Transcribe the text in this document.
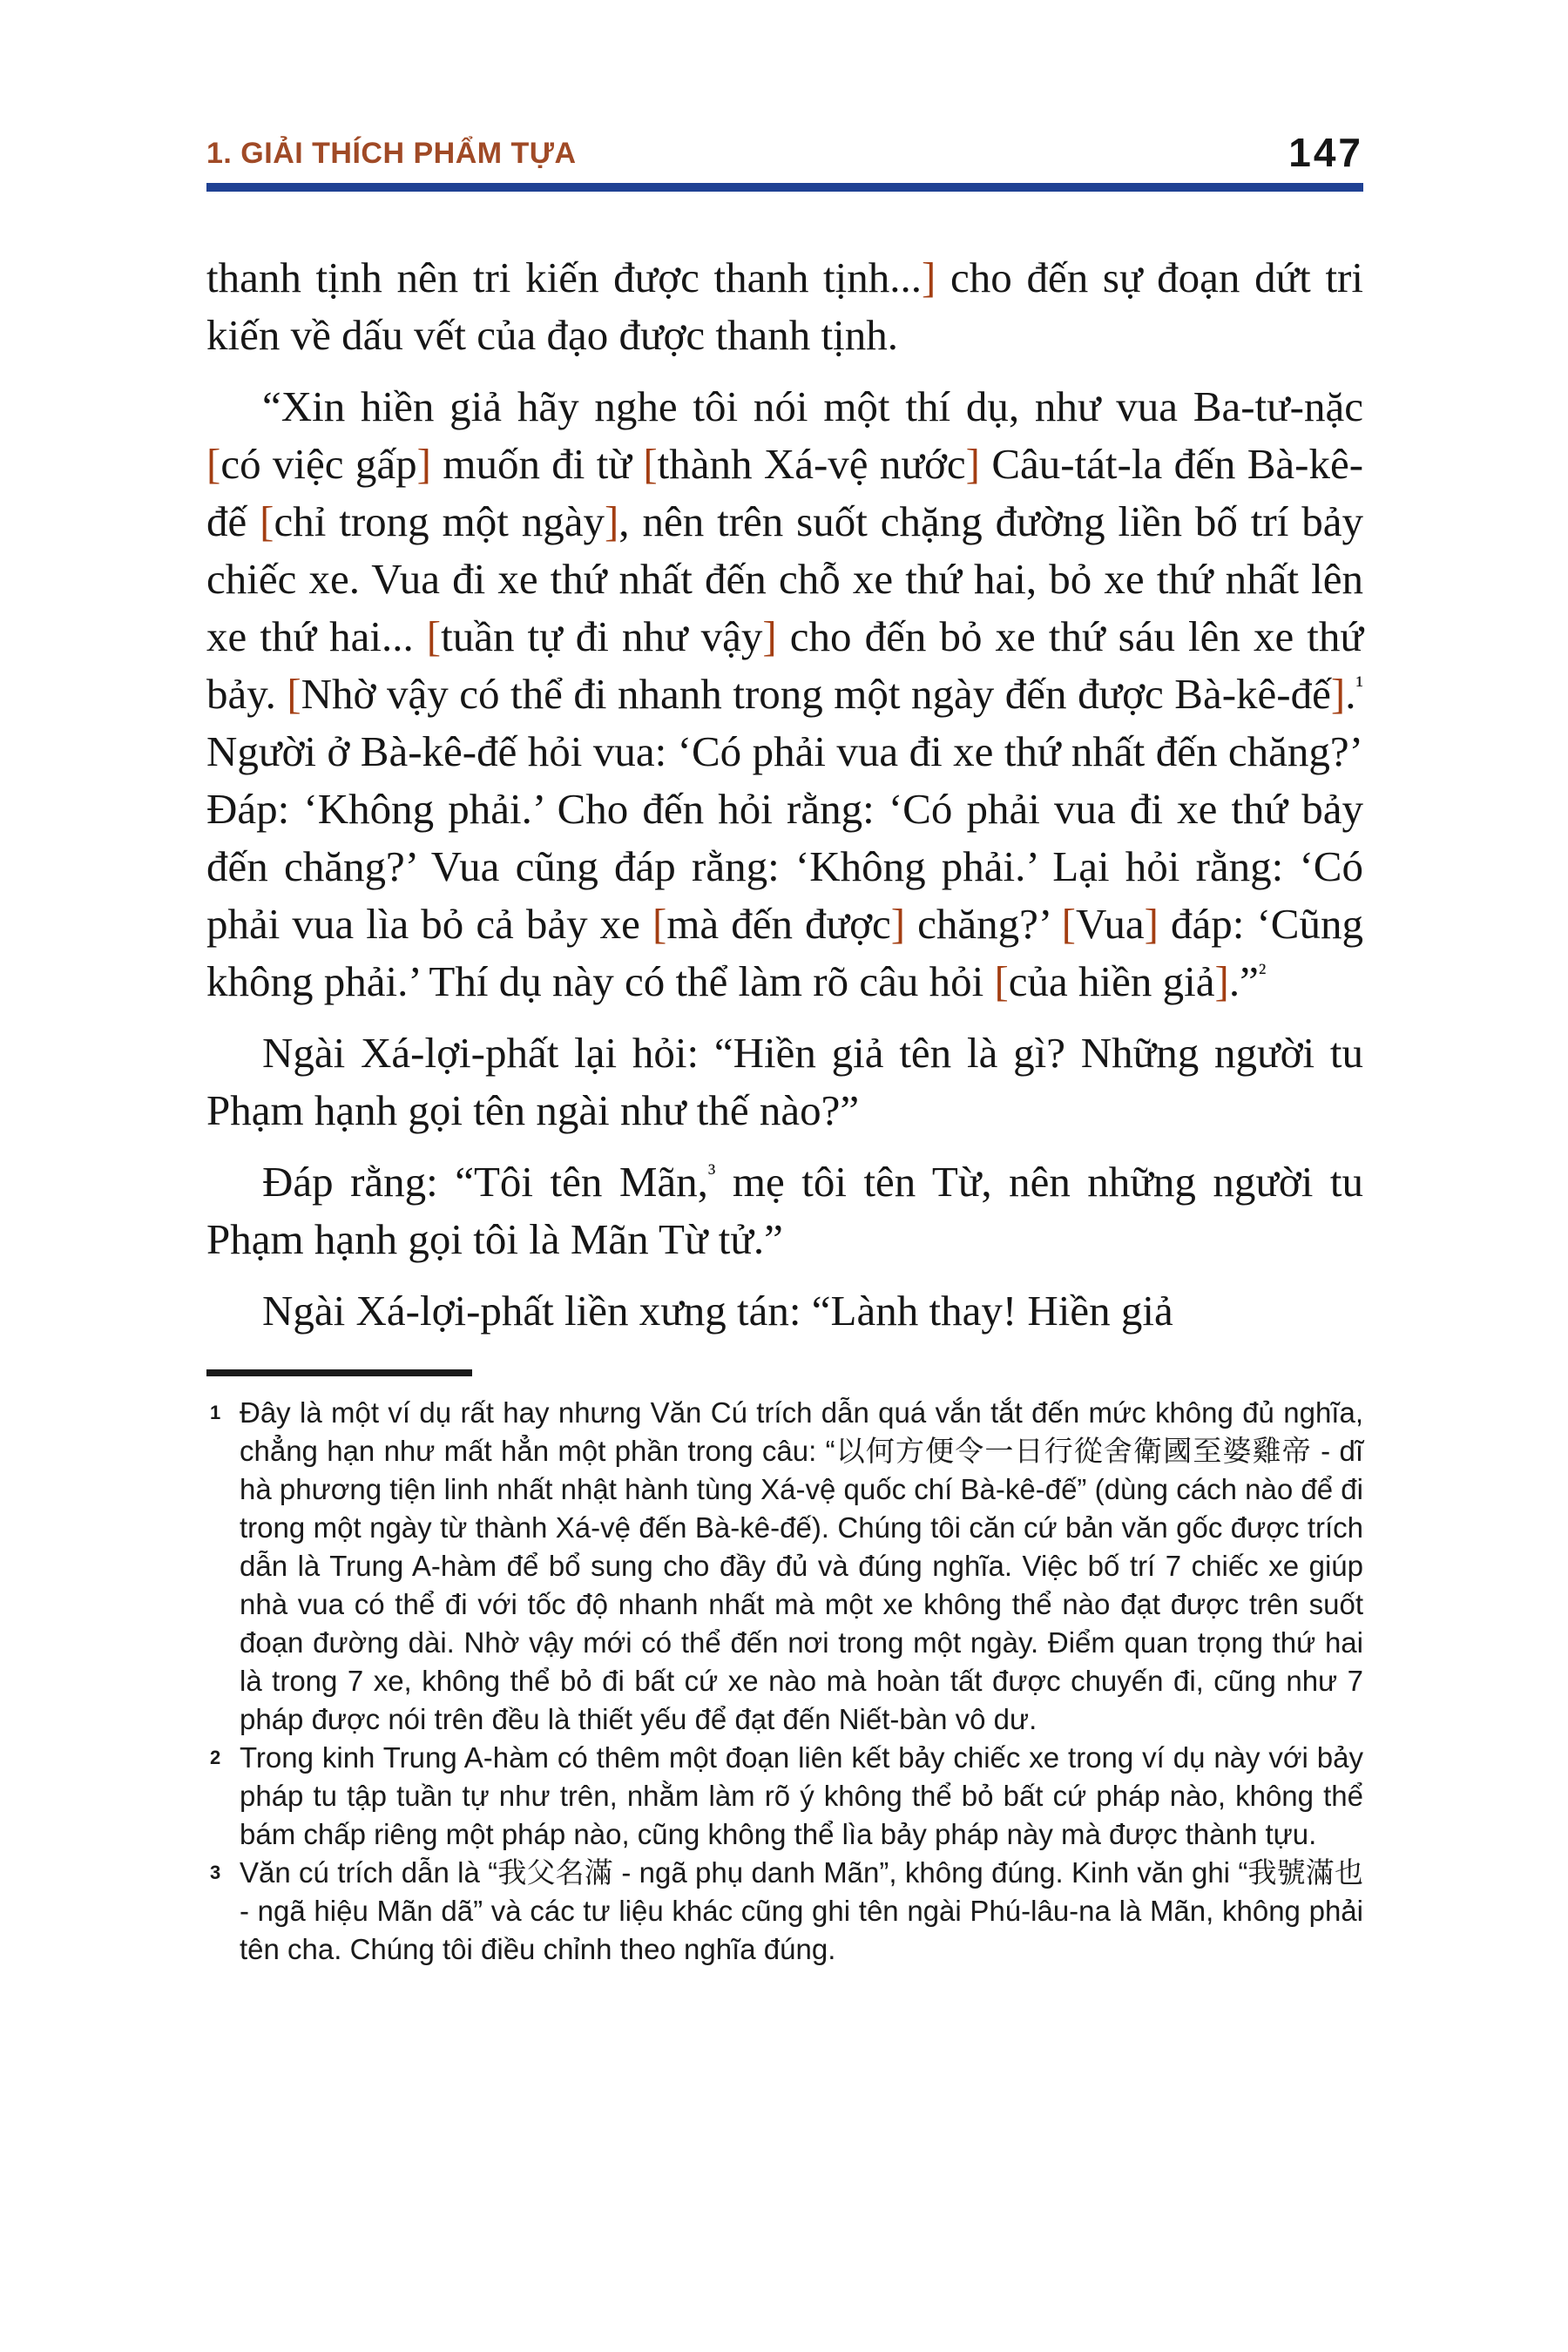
1. GIẢI THÍCH PHẨM TỰA	147

thanh tịnh nên tri kiến được thanh tịnh...] cho đến sự đoạn dứt tri kiến về dấu vết của đạo được thanh tịnh.

“Xin hiền giả hãy nghe tôi nói một thí dụ, như vua Ba-tư-nặc [có việc gấp] muốn đi từ [thành Xá-vệ nước] Câu-tát-la đến Bà-kê-đế [chỉ trong một ngày], nên trên suốt chặng đường liền bố trí bảy chiếc xe. Vua đi xe thứ nhất đến chỗ xe thứ hai, bỏ xe thứ nhất lên xe thứ hai... [tuần tự đi như vậy] cho đến bỏ xe thứ sáu lên xe thứ bảy. [Nhờ vậy có thể đi nhanh trong một ngày đến được Bà-kê-đế].$^{^1}$ Người ở Bà-kê-đế hỏi vua: ‘Có phải vua đi xe thứ nhất đến chăng?’ Đáp: ‘Không phải.’ Cho đến hỏi rằng: ‘Có phải vua đi xe thứ bảy đến chăng?’ Vua cũng đáp rằng: ‘Không phải.’ Lại hỏi rằng: ‘Có phải vua lìa bỏ cả bảy xe [mà đến được] chăng?’ [Vua] đáp: ‘Cũng không phải.’ Thí dụ này có thể làm rõ câu hỏi [của hiền giả].”$^{^2}$

Ngài Xá-lợi-phất lại hỏi: “Hiền giả tên là gì? Những người tu Phạm hạnh gọi tên ngài như thế nào?”

Đáp rằng: “Tôi tên Mãn,$^{^3}$ mẹ tôi tên Từ, nên những người tu Phạm hạnh gọi tôi là Mãn Từ tử.”

Ngài Xá-lợi-phất liền xưng tán: “Lành thay! Hiền giả

1 Đây là một ví dụ rất hay nhưng Văn Cú trích dẫn quá vắn tắt đến mức không đủ nghĩa, chẳng hạn như mất hẳn một phần trong câu: “以何方便令一日行從舍衛國至婆雞帝 - dĩ hà phương tiện linh nhất nhật hành tùng Xá-vệ quốc chí Bà-kê-đế” (dùng cách nào để đi trong một ngày từ thành Xá-vệ đến Bà-kê-đế). Chúng tôi căn cứ bản văn gốc được trích dẫn là Trung A-hàm để bổ sung cho đầy đủ và đúng nghĩa. Việc bố trí 7 chiếc xe giúp nhà vua có thể đi với tốc độ nhanh nhất mà một xe không thể nào đạt được trên suốt đoạn đường dài. Nhờ vậy mới có thể đến nơi trong một ngày. Điểm quan trọng thứ hai là trong 7 xe, không thể bỏ đi bất cứ xe nào mà hoàn tất được chuyến đi, cũng như 7 pháp được nói trên đều là thiết yếu để đạt đến Niết-bàn vô dư.
2 Trong kinh Trung A-hàm có thêm một đoạn liên kết bảy chiếc xe trong ví dụ này với bảy pháp tu tập tuần tự như trên, nhằm làm rõ ý không thể bỏ bất cứ pháp nào, không thể bám chấp riêng một pháp nào, cũng không thể lìa bảy pháp này mà được thành tựu.
3 Văn cú trích dẫn là “我父名滿 - ngã phụ danh Mãn”, không đúng. Kinh văn ghi “我號滿也 - ngã hiệu Mãn dã” và các tư liệu khác cũng ghi tên ngài Phú-lâu-na là Mãn, không phải tên cha. Chúng tôi điều chỉnh theo nghĩa đúng.
